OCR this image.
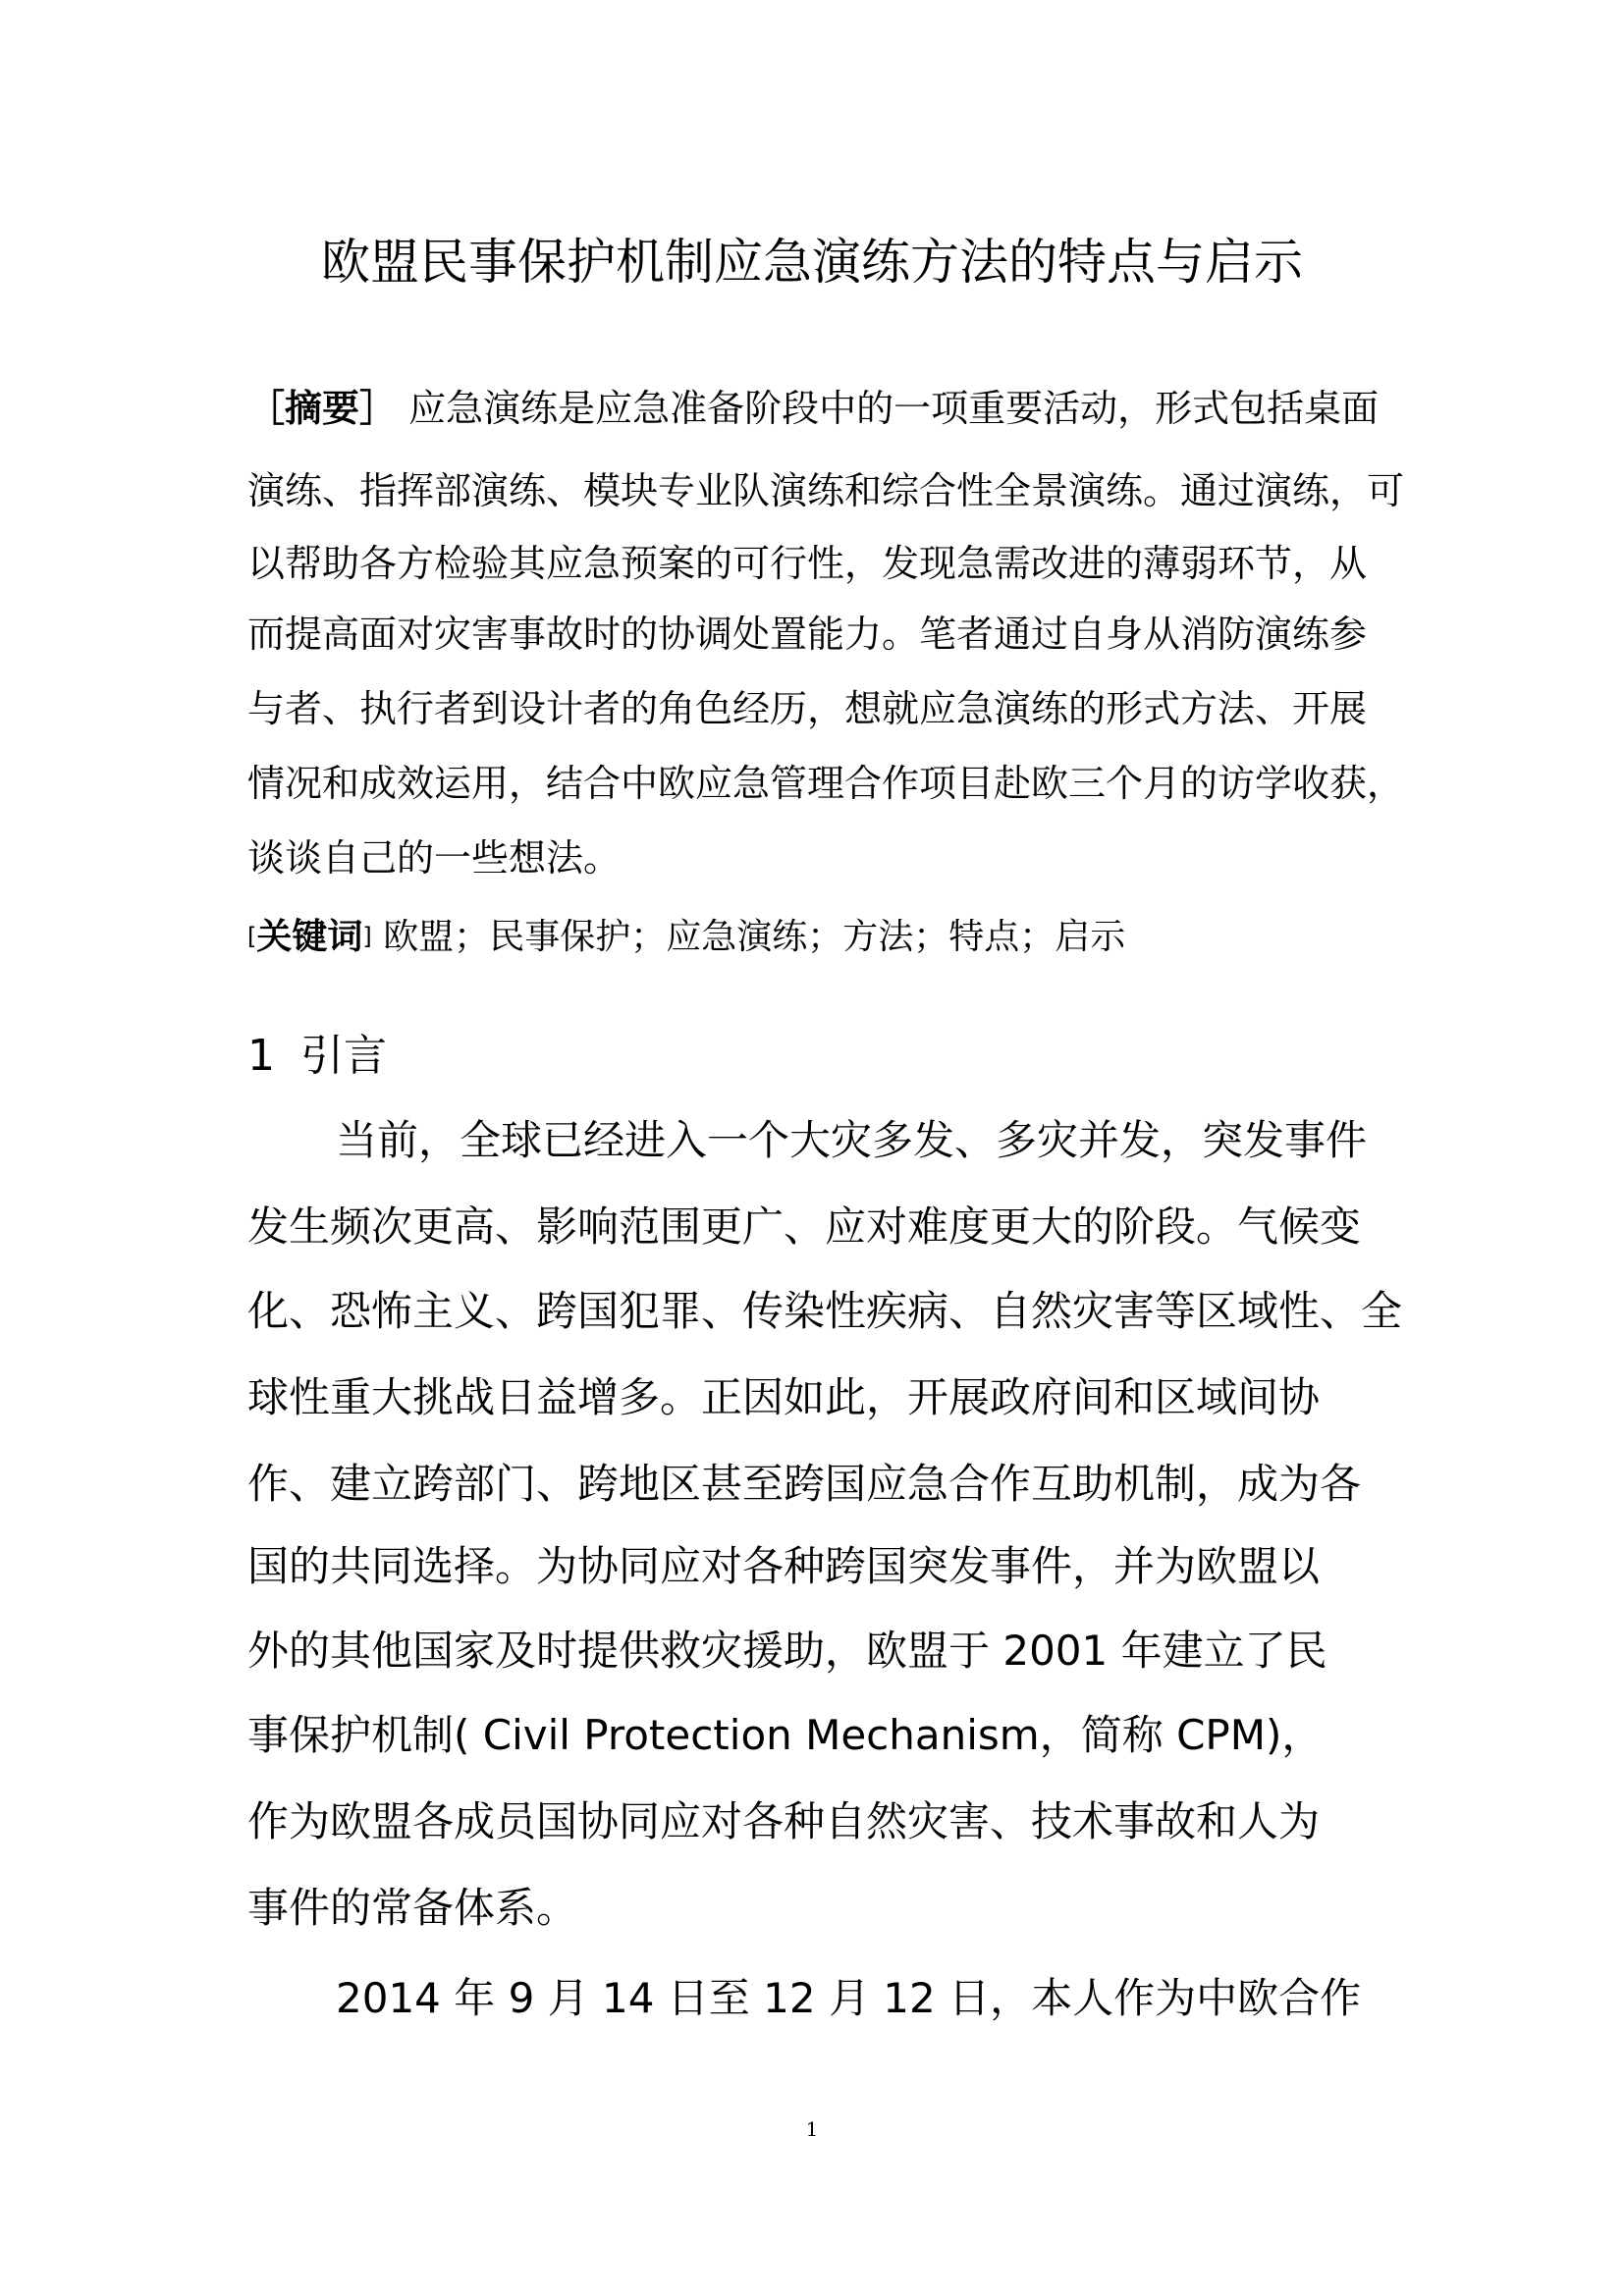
欧盟民事保护机制应急演练方法的特点与启示
［摘要］ 应急演练是应急准备阶段中的一项重要活动，形式包括桌面
演练、指挥部演练、模块专业队演练和综合性全景演练。通过演练，可
以帮助各方检验其应急预案的可行性，发现急需改进的薄弱环节，从
而提高面对灾害事故时的协调处置能力。笔者通过自身从消防演练参
与者、执行者到设计者的角色经历，想就应急演练的形式方法、开展
情况和成效运用，结合中欧应急管理合作项目赴欧三个月的访学收获，
谈谈自己的一些想法。
[关键词] 欧盟；民事保护；应急演练；方法；特点；启示
1 引言
当前，全球已经进入一个大灾多发、多灾并发，突发事件
发生频次更高、影响范围更广、应对难度更大的阶段。气候变
化、恐怖主义、跨国犯罪、传染性疾病、自然灾害等区域性、全
球性重大挑战日益增多。正因如此，开展政府间和区域间协
作、建立跨部门、跨地区甚至跨国应急合作互助机制，成为各
国的共同选择。为协同应对各种跨国突发事件，并为欧盟以
外的其他国家及时提供救灾援助，欧盟于 2001 年建立了民
事保护机制( Civil Protection Mechanism，简称 CPM)，
作为欧盟各成员国协同应对各种自然灾害、技术事故和人为
事件的常备体系。
2014 年 9 月 14 日至 12 月 12 日，本人作为中欧合作
1
